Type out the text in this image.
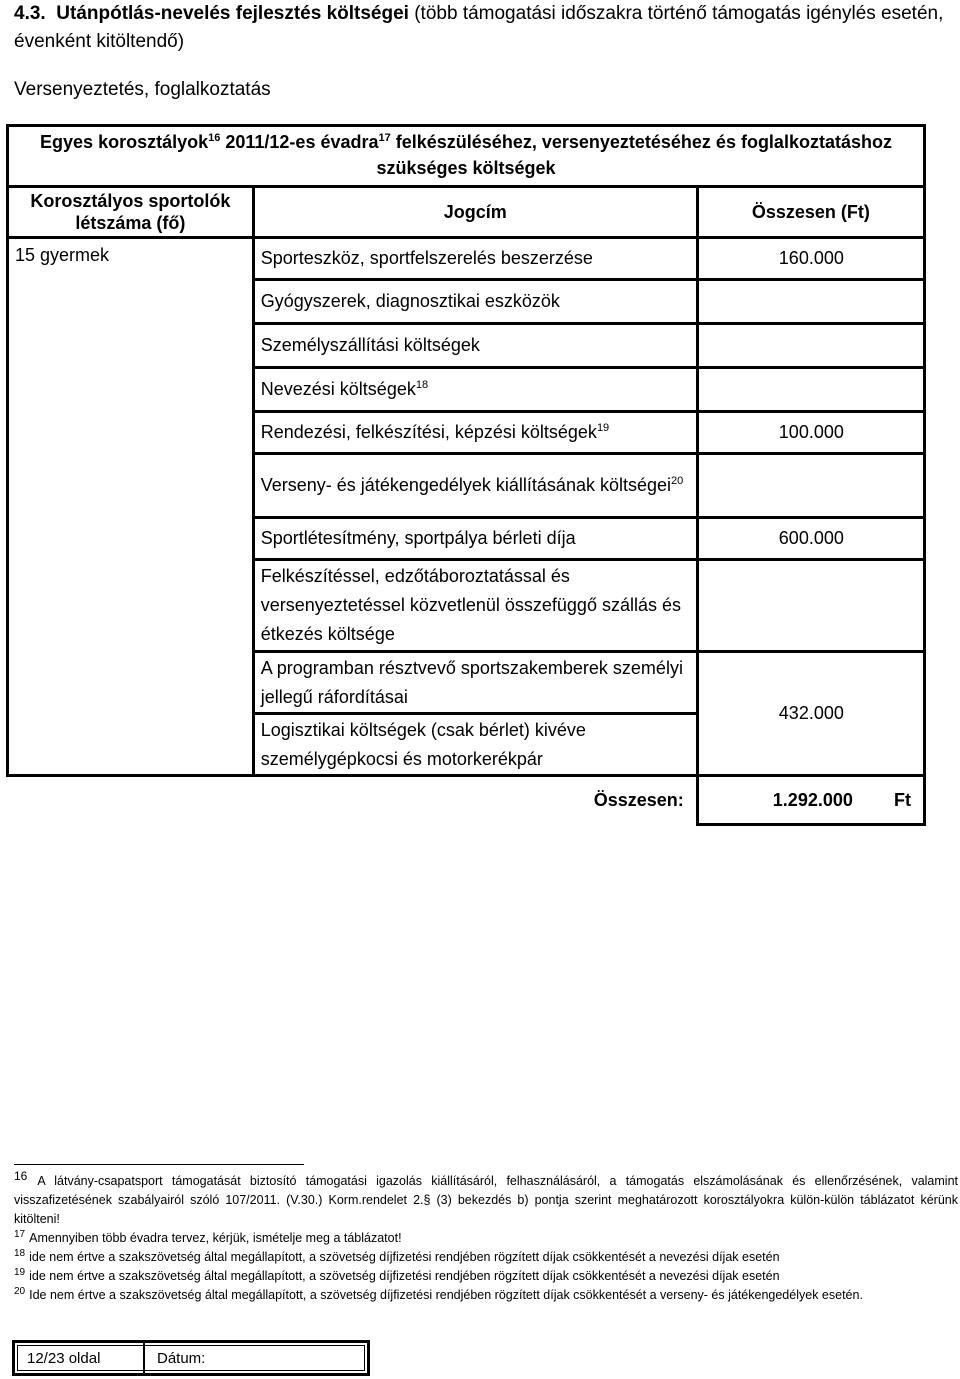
4.3. Utánpótlás-nevelés fejlesztés költségei (több támogatási időszakra történő támogatás igénylés esetén, évenként kitöltendő)
Versenyeztetés, foglalkoztatás
Egyes korosztályok$^{16}$ 2011/12-es évadra$^{17}$ felkészüléséhez, versenyeztetéséhez és foglalkoztatáshoz szükséges költségek		
Korosztályos sportolók létszáma (fő)	Jogcím	Összesen (Ft)
15 gyermek	Sporteszköz, sportfelszerelés beszerzése	160.000
	Gyógyszerek, diagnosztikai eszközök	
	Személyszállítási költségek	
	Nevezési költségek$^{18}$	
	Rendezési, felkészítési, képzési költségek$^{19}$	100.000
	Verseny- és játékengedélyek kiállításának költségei$^{20}$	
	Sportlétesítmény, sportpálya bérleti díja	600.000
	Felkészítéssel, edzőtáboroztatással és versenyeztetéssel közvetlenül összefüggő szállás és étkezés költsége	
	A programban résztvevő sportszakemberek személyi jellegű ráfordításai	432.000
	Logisztikai költségek (csak bérlet) kivéve személygépkocsi és motorkerékpár	
	Összesen:	1.292.000 Ft

16 A látvány-csapatsport támogatását biztosító támogatási igazolás kiállításáról, felhasználásáról, a támogatás elszámolásának és ellenőrzésének, valamint visszafizetésének szabályairól szóló 107/2011. (V.30.) Korm.rendelet 2.§ (3) bekezdés b) pontja szerint meghatározott korosztályokra külön-külön táblázatot kérünk kitölteni!

$^{17}$ Amennyiben több évadra tervez, kérjük, ismételje meg a táblázatot!

$^{18}$ ide nem értve a szakszövetség által megállapított, a szövetség díjfizetési rendjében rögzített díjak csökkentését a nevezési díjak esetén

$^{19}$ ide nem értve a szakszövetség által megállapított, a szövetség díjfizetési rendjében rögzített díjak csökkentését a nevezési díjak esetén

$^{20}$ Ide nem értve a szakszövetség által megállapított, a szövetség díjfizetési rendjében rögzített díjak csökkentését a verseny- és játékengedélyek esetén.

12/23 oldal	Dátum:
